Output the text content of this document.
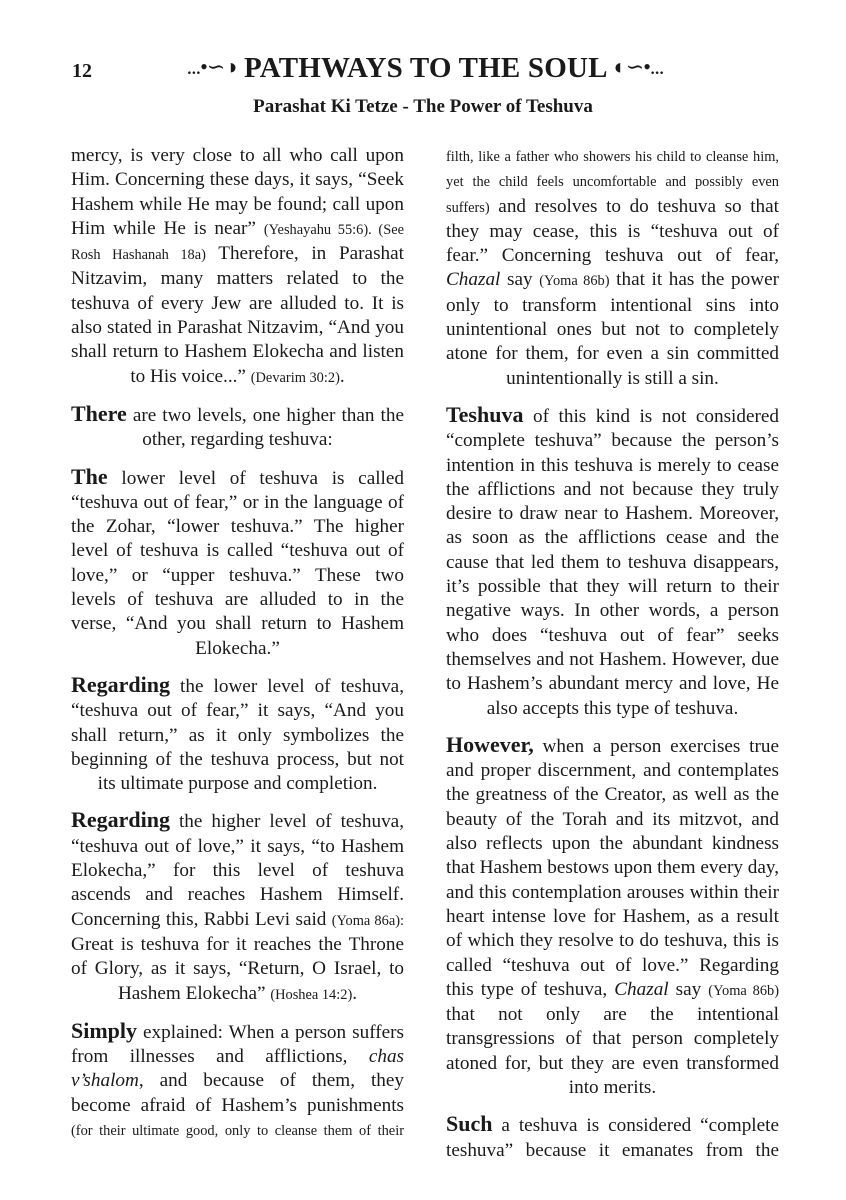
12	...•∽◑ PATHWAYS TO THE SOUL ◐∽•...
Parashat Ki Tetze - The Power of Teshuva

mercy, is very close to all who call upon Him. Concerning these days, it says, “Seek Hashem while He may be found; call upon Him while He is near” (Yeshayahu 55:6). (See Rosh Hashanah 18a) Therefore, in Parashat Nitzavim, many matters related to the teshuva of every Jew are alluded to. It is also stated in Parashat Nitzavim, “And you shall return to Hashem Elokecha and listen to His voice...” (Devarim 30:2).

There are two levels, one higher than the other, regarding teshuva:

The lower level of teshuva is called “teshuva out of fear,” or in the language of the Zohar, “lower teshuva.” The higher level of teshuva is called “teshuva out of love,” or “upper teshuva.” These two levels of teshuva are alluded to in the verse, “And you shall return to Hashem Elokecha.”

Regarding the lower level of teshuva, “teshuva out of fear,” it says, “And you shall return,” as it only symbolizes the beginning of the teshuva process, but not its ultimate purpose and completion.

Regarding the higher level of teshuva, “teshuva out of love,” it says, “to Hashem Elokecha,” for this level of teshuva ascends and reaches Hashem Himself. Concerning this, Rabbi Levi said (Yoma 86a): Great is teshuva for it reaches the Throne of Glory, as it says, “Return, O Israel, to Hashem Elokecha” (Hoshea 14:2).

Simply explained: When a person suffers from illnesses and afflictions, chas v’shalom, and because of them, they become afraid of Hashem’s punishments (for their ultimate good, only to cleanse them of their

filth, like a father who showers his child to cleanse him, yet the child feels uncomfortable and possibly even suffers) and resolves to do teshuva so that they may cease, this is “teshuva out of fear.” Concerning teshuva out of fear, Chazal say (Yoma 86b) that it has the power only to transform intentional sins into unintentional ones but not to completely atone for them, for even a sin committed unintentionally is still a sin.

Teshuva of this kind is not considered “complete teshuva” because the person’s intention in this teshuva is merely to cease the afflictions and not because they truly desire to draw near to Hashem. Moreover, as soon as the afflictions cease and the cause that led them to teshuva disappears, it’s possible that they will return to their negative ways. In other words, a person who does “teshuva out of fear” seeks themselves and not Hashem. However, due to Hashem’s abundant mercy and love, He also accepts this type of teshuva.

However, when a person exercises true and proper discernment, and contemplates the greatness of the Creator, as well as the beauty of the Torah and its mitzvot, and also reflects upon the abundant kindness that Hashem bestows upon them every day, and this contemplation arouses within their heart intense love for Hashem, as a result of which they resolve to do teshuva, this is called “teshuva out of love.” Regarding this type of teshuva, Chazal say (Yoma 86b) that not only are the intentional transgressions of that person completely atoned for, but they are even transformed into merits.

Such a teshuva is considered “complete teshuva” because it emanates from the
